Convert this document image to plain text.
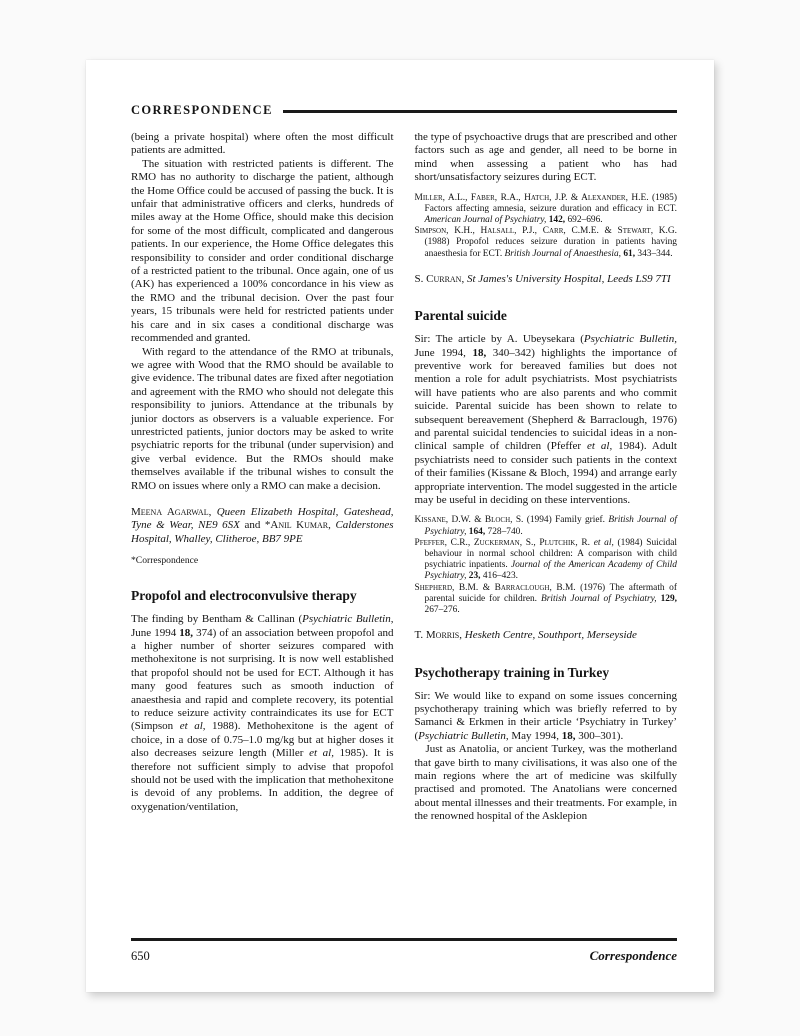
CORRESPONDENCE
(being a private hospital) where often the most difficult patients are admitted.
The situation with restricted patients is different. The RMO has no authority to discharge the patient, although the Home Office could be accused of passing the buck. It is unfair that administrative officers and clerks, hundreds of miles away at the Home Office, should make this decision for some of the most difficult, complicated and dangerous patients. In our experience, the Home Office delegates this responsibility to consider and order conditional discharge of a restricted patient to the tribunal. Once again, one of us (AK) has experienced a 100% concordance in his view as the RMO and the tribunal decision. Over the past four years, 15 tribunals were held for restricted patients under his care and in six cases a conditional discharge was recommended and granted.
With regard to the attendance of the RMO at tribunals, we agree with Wood that the RMO should be available to give evidence. The tribunal dates are fixed after negotiation and agreement with the RMO who should not delegate this responsibility to juniors. Attendance at the tribunals by junior doctors as observers is a valuable experience. For unrestricted patients, junior doctors may be asked to write psychiatric reports for the tribunal (under supervision) and give verbal evidence. But the RMOs should make themselves available if the tribunal wishes to consult the RMO on issues where only a RMO can make a decision.
Meena Agarwal, Queen Elizabeth Hospital, Gateshead, Tyne & Wear, NE9 6SX and *Anil Kumar, Calderstones Hospital, Whalley, Clitheroe, BB7 9PE
*Correspondence
Propofol and electroconvulsive therapy
The finding by Bentham & Callinan (Psychiatric Bulletin, June 1994 18, 374) of an association between propofol and a higher number of shorter seizures compared with methohexitone is not surprising. It is now well established that propofol should not be used for ECT. Although it has many good features such as smooth induction of anaesthesia and rapid and complete recovery, its potential to reduce seizure activity contraindicates its use for ECT (Simpson et al, 1988). Methohexitone is the agent of choice, in a dose of 0.75–1.0 mg/kg but at higher doses it also decreases seizure length (Miller et al, 1985). It is therefore not sufficient simply to advise that propofol should not be used with the implication that methohexitone is devoid of any problems. In addition, the degree of oxygenation/ventilation,
the type of psychoactive drugs that are prescribed and other factors such as age and gender, all need to be borne in mind when assessing a patient who has had short/unsatisfactory seizures during ECT.
Miller, A.L., Faber, R.A., Hatch, J.P. & Alexander, H.E. (1985) Factors affecting amnesia, seizure duration and efficacy in ECT. American Journal of Psychiatry, 142, 692–696.
Simpson, K.H., Halsall, P.J., Carr, C.M.E. & Stewart, K.G. (1988) Propofol reduces seizure duration in patients having anaesthesia for ECT. British Journal of Anaesthesia, 61, 343–344.
S. Curran, St James's University Hospital, Leeds LS9 7TI
Parental suicide
Sir: The article by A. Ubeysekara (Psychiatric Bulletin, June 1994, 18, 340–342) highlights the importance of preventive work for bereaved families but does not mention a role for adult psychiatrists. Most psychiatrists will have patients who are also parents and who commit suicide. Parental suicide has been shown to relate to subsequent bereavement (Shepherd & Barraclough, 1976) and parental suicidal tendencies to suicidal ideas in a non-clinical sample of children (Pfeffer et al, 1984). Adult psychiatrists need to consider such patients in the context of their families (Kissane & Bloch, 1994) and arrange early appropriate intervention. The model suggested in the article may be useful in deciding on these interventions.
Kissane, D.W. & Bloch, S. (1994) Family grief. British Journal of Psychiatry, 164, 728–740.
Pfeffer, C.R., Zuckerman, S., Plutchik, R. et al, (1984) Suicidal behaviour in normal school children: A comparison with child psychiatric inpatients. Journal of the American Academy of Child Psychiatry, 23, 416–423.
Shepherd, B.M. & Barraclough, B.M. (1976) The aftermath of parental suicide for children. British Journal of Psychiatry, 129, 267–276.
T. Morris, Hesketh Centre, Southport, Merseyside
Psychotherapy training in Turkey
Sir: We would like to expand on some issues concerning psychotherapy training which was briefly referred to by Samanci & Erkmen in their article ‘Psychiatry in Turkey’ (Psychiatric Bulletin, May 1994, 18, 300–301).
Just as Anatolia, or ancient Turkey, was the motherland that gave birth to many civilisations, it was also one of the main regions where the art of medicine was skilfully practised and promoted. The Anatolians were concerned about mental illnesses and their treatments. For example, in the renowned hospital of the Asklepion
650	Correspondence
